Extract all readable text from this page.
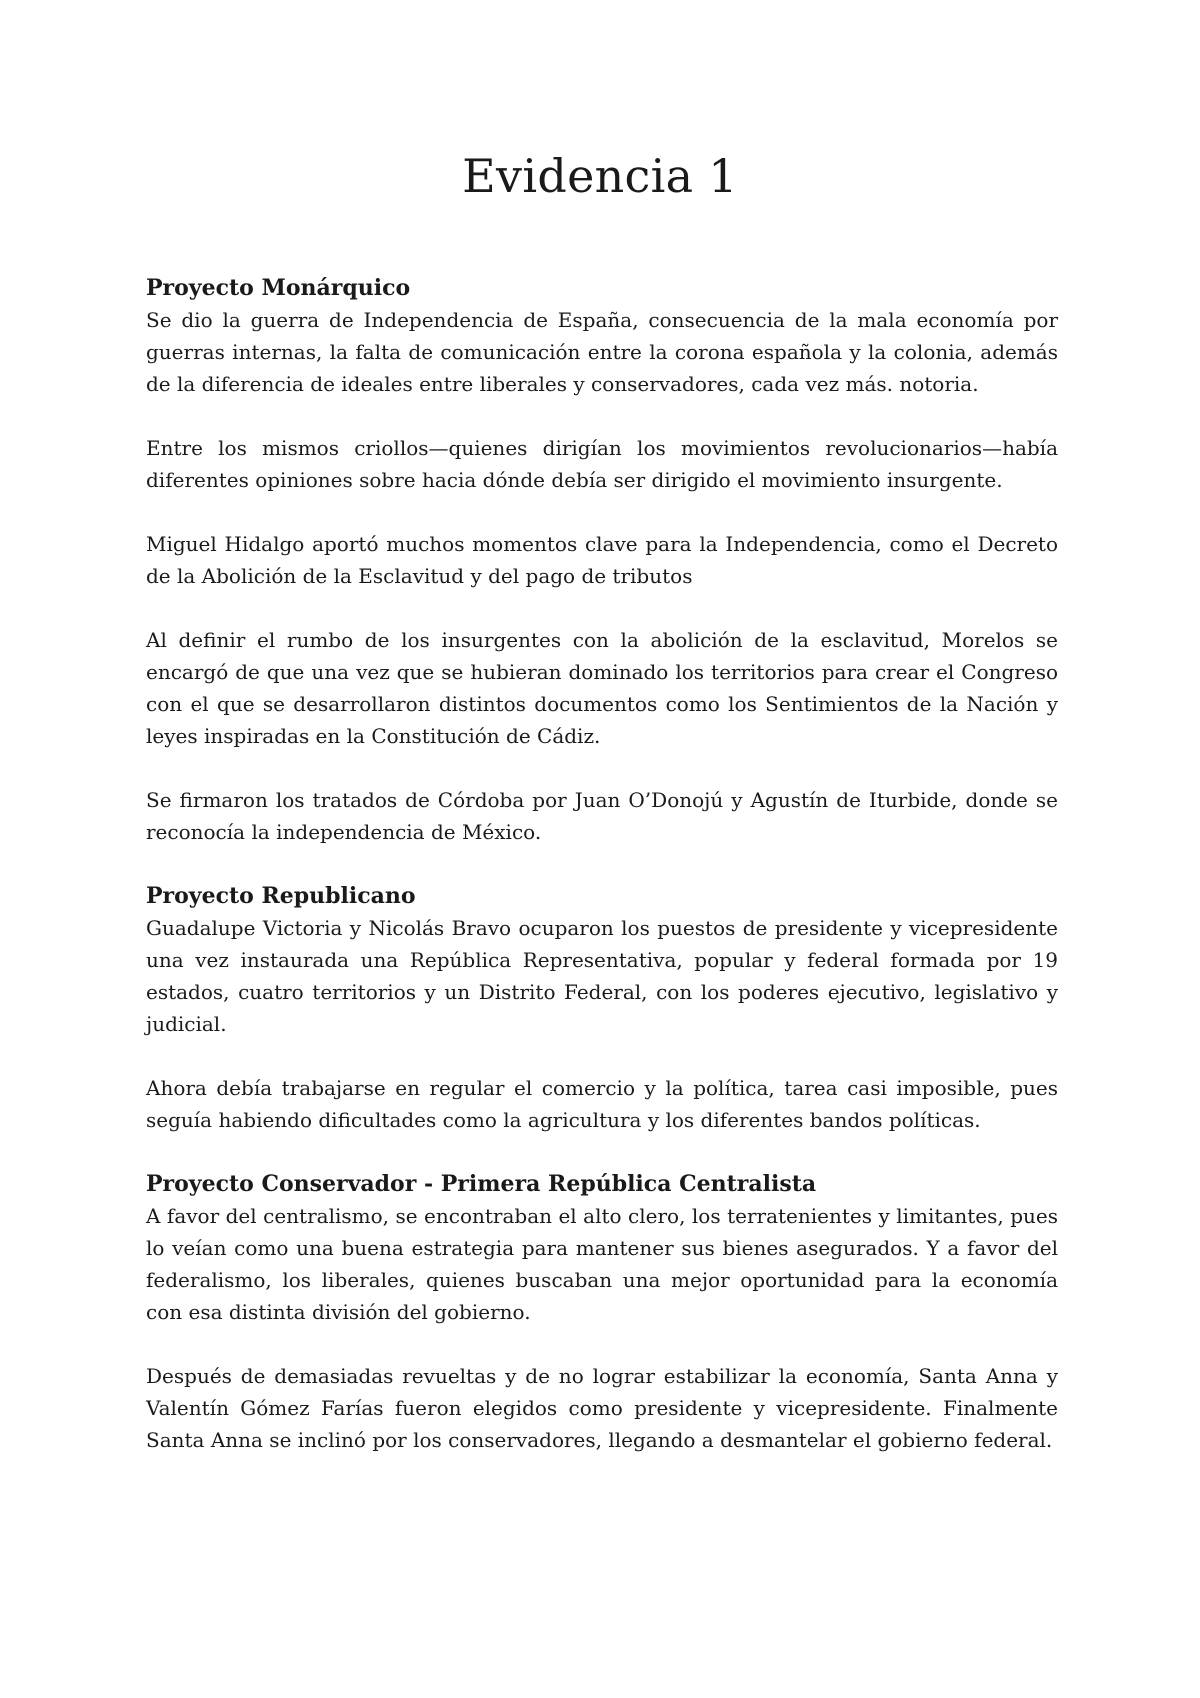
Evidencia 1
Proyecto Monárquico

Se dio la guerra de Independencia de España, consecuencia de la mala economía por guerras internas, la falta de comunicación entre la corona española y la colonia, además de la diferencia de ideales entre liberales y conservadores, cada vez más. notoria.

Entre los mismos criollos—quienes dirigían los movimientos revolucionarios—había diferentes opiniones sobre hacia dónde debía ser dirigido el movimiento insurgente.

Miguel Hidalgo aportó muchos momentos clave para la Independencia, como el Decreto de la Abolición de la Esclavitud y del pago de tributos

Al definir el rumbo de los insurgentes con la abolición de la esclavitud, Morelos se encargó de que una vez que se hubieran dominado los territorios para crear el Congreso con el que se desarrollaron distintos documentos como los Sentimientos de la Nación y leyes inspiradas en la Constitución de Cádiz.

Se firmaron los tratados de Córdoba por Juan O’Donojú y Agustín de Iturbide, donde se reconocía la independencia de México.

Proyecto Republicano

Guadalupe Victoria y Nicolás Bravo ocuparon los puestos de presidente y vicepresidente una vez instaurada una República Representativa, popular y federal formada por 19 estados, cuatro territorios y un Distrito Federal, con los poderes ejecutivo, legislativo y judicial.

Ahora debía trabajarse en regular el comercio y la política, tarea casi imposible, pues seguía habiendo dificultades como la agricultura y los diferentes bandos políticas.

Proyecto Conservador - Primera República Centralista

A favor del centralismo, se encontraban el alto clero, los terratenientes y limitantes, pues lo veían como una buena estrategia para mantener sus bienes asegurados. Y a favor del federalismo, los liberales, quienes buscaban una mejor oportunidad para la economía con esa distinta división del gobierno.

Después de demasiadas revueltas y de no lograr estabilizar la economía, Santa Anna y Valentín Gómez Farías fueron elegidos como presidente y vicepresidente. Finalmente Santa Anna se inclinó por los conservadores, llegando a desmantelar el gobierno federal.
